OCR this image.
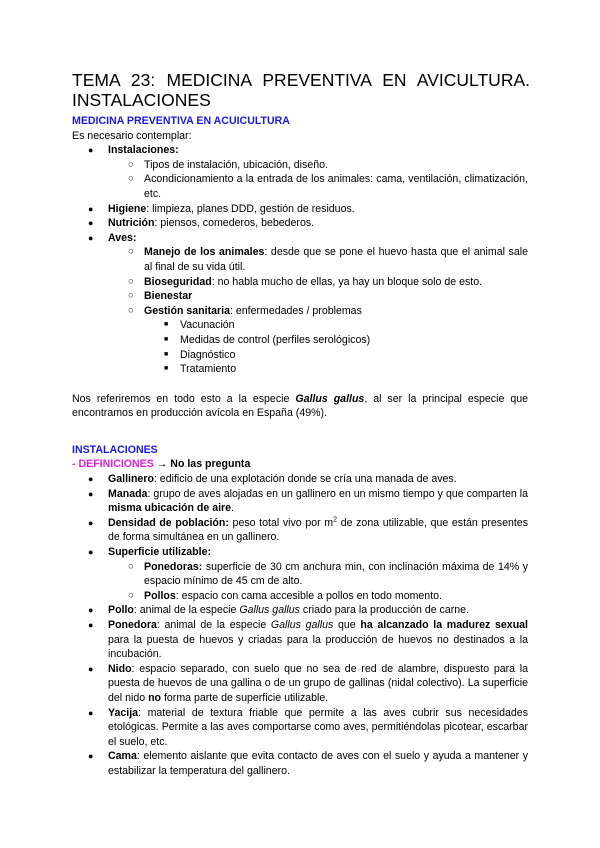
TEMA 23: MEDICINA PREVENTIVA EN AVICULTURA. INSTALACIONES

MEDICINA PREVENTIVA EN ACUICULTURA

Es necesario contemplar:

● Instalaciones:
○ Tipos de instalación, ubicación, diseño.
○ Acondicionamiento a la entrada de los animales: cama, ventilación, climatización, etc.
● Higiene: limpieza, planes DDD, gestión de residuos.
● Nutrición: piensos, comederos, bebederos.
● Aves:
○ Manejo de los animales: desde que se pone el huevo hasta que el animal sale al final de su vida útil.
○ Bioseguridad: no habla mucho de ellas, ya hay un bloque solo de esto.
○ Bienestar
○ Gestión sanitaria: enfermedades / problemas
■ Vacunación
■ Medidas de control (perfiles serológicos)
■ Diagnóstico
■ Tratamiento

Nos referiremos en todo esto a la especie Gallus gallus, al ser la principal especie que encontramos en producción avícola en España (49%).

INSTALACIONES

- DEFINICIONES → No las pregunta

● Gallinero: edificio de una explotación donde se cría una manada de aves.
● Manada: grupo de aves alojadas en un gallinero en un mismo tiempo y que comparten la misma ubicación de aire.
● Densidad de población: peso total vivo por $m^2$ de zona utilizable, que están presentes de forma simultánea en un gallinero.
● Superficie utilizable:
○ Ponedoras: superficie de 30 cm anchura min, con inclinación máxima de 14% y espacio mínimo de 45 cm de alto.
○ Pollos: espacio con cama accesible a pollos en todo momento.
● Pollo: animal de la especie Gallus gallus criado para la producción de carne.
● Ponedora: animal de la especie Gallus gallus que ha alcanzado la madurez sexual para la puesta de huevos y criadas para la producción de huevos no destinados a la incubación.
● Nido: espacio separado, con suelo que no sea de red de alambre, dispuesto para la puesta de huevos de una gallina o de un grupo de gallinas (nidal colectivo). La superficie del nido no forma parte de superficie utilizable.
● Yacija: material de textura friable que permite a las aves cubrir sus necesidades etológicas. Permite a las aves comportarse como aves, permitiéndolas picotear, escarbar el suelo, etc.
● Cama: elemento aislante que evita contacto de aves con el suelo y ayuda a mantener y estabilizar la temperatura del gallinero.
